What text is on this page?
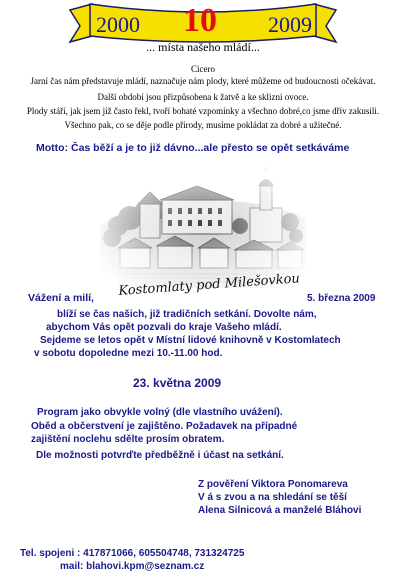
2000 10 2009
... místa našeho mládí...
Cicero
Jarní čas nám představuje mládí, naznačuje nám plody, které můžeme od budoucnosti očekávat.
Další období jsou přizpůsobena k žatvě a ke sklizni ovoce.
Plody stáří, jak jsem již často řekl, tvoří bohaté vzpomínky a všechno dobré,co jsme dřív zakusili.
Všechno pak, co se děje podle přírody, musíme pokládat za dobré a užitečné.
Motto: Čas běží a je to již dávno...ale přesto se opět setkáváme
Vážení a milí, Kostomlaty pod Milešovkou 5. března 2009
blíží se čas našich, již tradičních setkání. Dovolte nám,
abychom Vás opět pozvali do kraje Vašeho mládí.
Sejdeme se letos opět v Místní lidové knihovně v Kostomlatech
v sobotu dopoledne mezi 10.-11.00 hod.
23. května 2009
Program jako obvykle volný (dle vlastního uvážení).
Oběd a občerstvení je zajištěno. Požadavek na případné
zajištění noclehu sdělte prosím obratem.
Dle možnosti potvrďte předběžně i účast na setkání.
Z pověření Viktora Ponomareva
V á s zvou a na shledání se těší
Alena Silnicová a manželé Bláhovi
Tel. spojeni : 417871066, 605504748, 731324725
mail: blahovi.kpm@seznam.cz
